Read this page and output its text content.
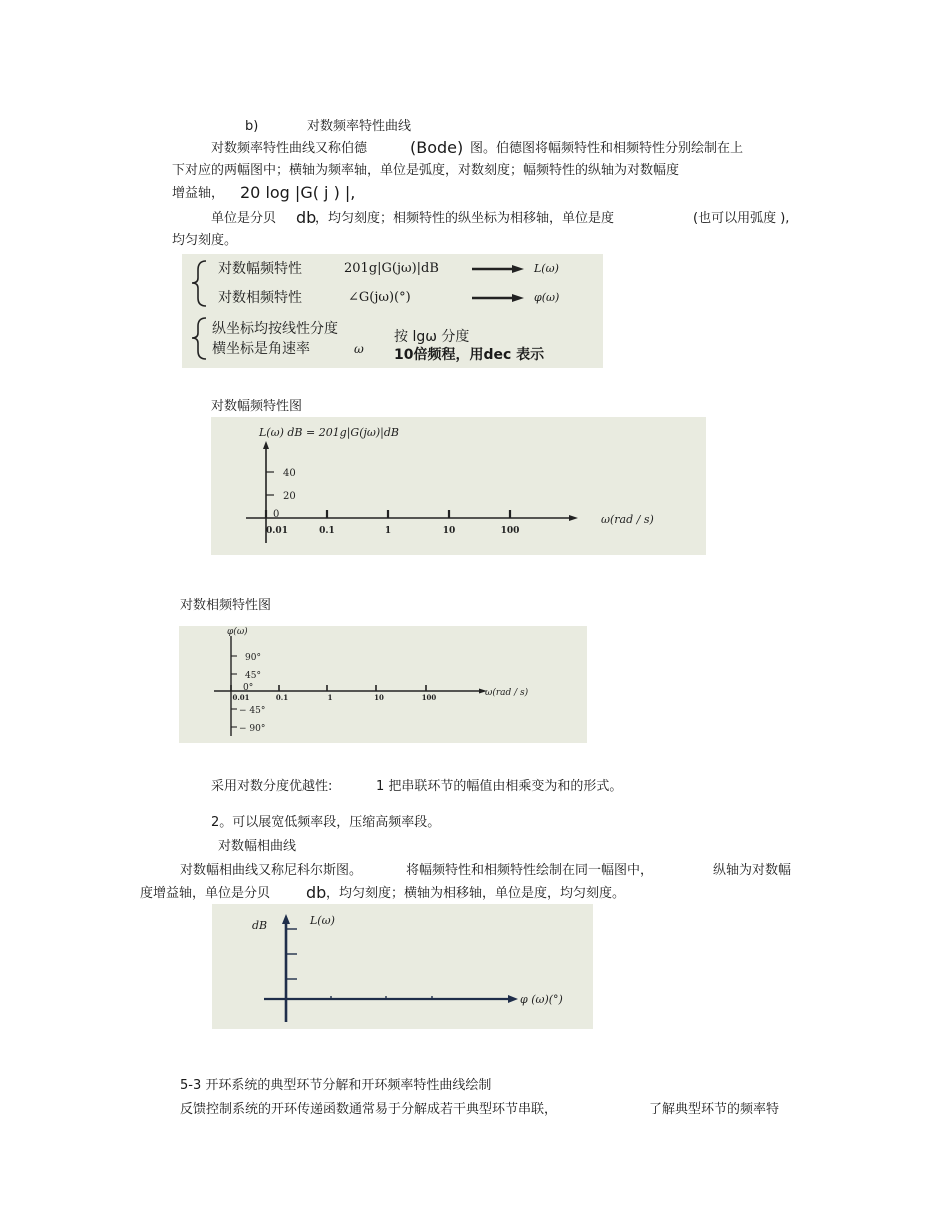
b)	对数频率特性曲线
对数频率特性曲线又称伯德	(Bode) 图。伯德图将幅频特性和相频特性分别绘制在上
下对应的两幅图中；横轴为频率轴，单位是弧度，对数刻度；幅频特性的纵轴为对数幅度
增益轴， 20 log |G( j ) |,
单位是分贝 db
，均匀刻度；相频特性的纵坐标为相移轴，单位是度	(也可以用弧度 ),
均匀刻度。
对数幅频特性	201g|G(jω)|dB	L(ω)
对数相频特性	∠G(jω)(°)	φ(ω)
纵坐标均按线性分度
横坐标是角速率	ω
按 lgω 分度
10倍频程，用dec 表示
对数幅频特性图
L(ω) dB = 201g|G(jω)|dB
40
20
0
0.01	0.1	1	10	100
ω(rad / s)
对数相频特性图
φ(ω)
90°
45°
0°
− 45°
− 90°
0.01	0.1	1	10	100	ω(rad / s)
采用对数分度优越性:	1 把串联环节的幅值由相乘变为和的形式。
2。可以展宽低频率段，压缩高频率段。
对数幅相曲线
对数幅相曲线又称尼科尔斯图。	将幅频特性和相频特性绘制在同一幅图中，	纵轴为对数幅
度增益轴，单位是分贝 db ，均匀刻度；横轴为相移轴，单位是度，均匀刻度。
dB	L(ω)
φ (ω)(°)
5-3 开环系统的典型环节分解和开环频率特性曲线绘制
反馈控制系统的开环传递函数通常易于分解成若干典型环节串联，	了解典型环节的频率特
